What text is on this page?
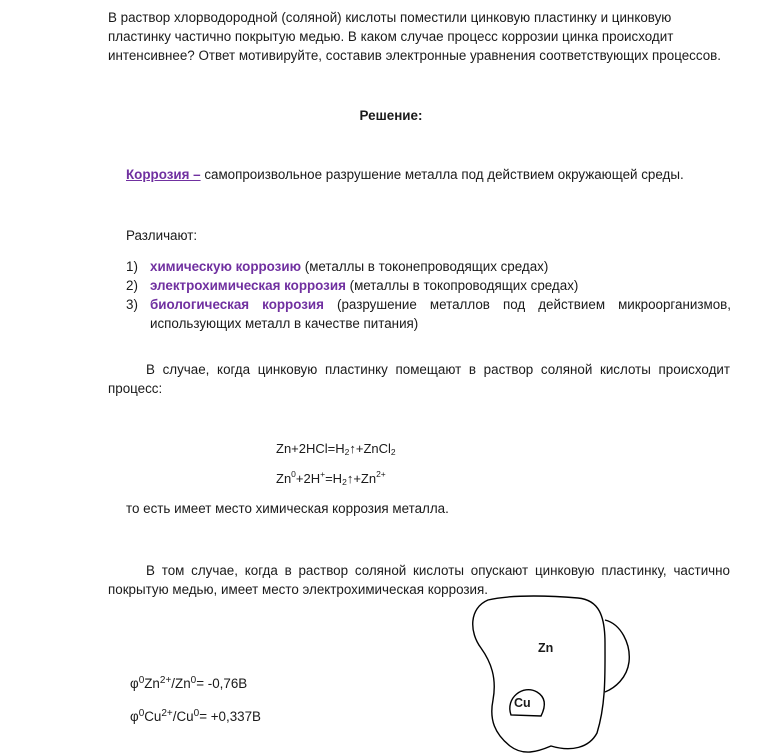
В раствор хлорводородной (соляной) кислоты поместили цинковую пластинку и цинковую
пластинку частично покрытую медью. В каком случае процесс коррозии цинка происходит
интенсивнее? Ответ мотивируйте, составив электронные уравнения соответствующих процессов.
Решение:
Коррозия – самопроизвольное разрушение металла под действием окружающей среды.
Различают:
1) химическую коррозию (металлы в токонепроводящих средах)
2) электрохимическая коррозия (металлы в токопроводящих средах)
3) биологическая коррозия (разрушение металлов под действием микроорганизмов,
использующих металл в качестве питания)
В случае, когда цинковую пластинку помещают в раствор соляной кислоты происходит
процесс:
$Zn+2HCl=H_2↑+ZnCl_2$
$Zn^0+2H^+=H_2↑+Zn^{2+}$
то есть имеет место химическая коррозия металла.
В том случае, когда в раствор соляной кислоты опускают цинковую пластинку, частично
покрытую медью, имеет место электрохимическая коррозия.
$\varphi^0Zn^{2+}/Zn^0= -0,76В$
$\varphi^0Cu^{2+}/Cu^0= +0,337В$
Zn
Cu
